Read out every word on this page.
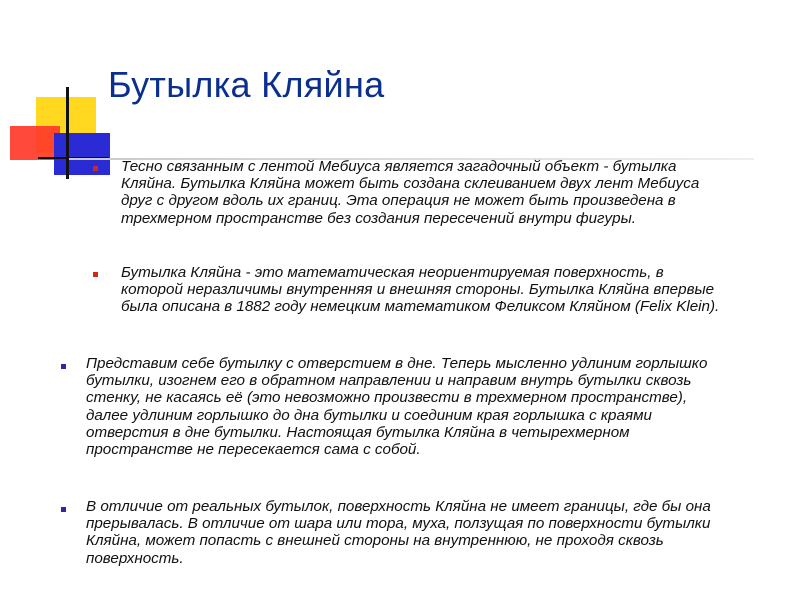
Бутылка Кляйна

Тесно связанным с лентой Мебиуса является загадочный объект - бутылка Кляйна. Бутылка Кляйна может быть создана склеиванием двух лент Мебиуса друг с другом вдоль их границ. Эта операция не может быть произведена в трехмерном пространстве без создания пересечений внутри фигуры.

Бутылка Кляйна - это математическая неориентируемая поверхность, в которой неразличимы внутренняя и внешняя стороны. Бутылка Кляйна впервые была описана в 1882 году немецким математиком Феликсом Кляйном (Felix Klein).

Представим себе бутылку с отверстием в дне. Теперь мысленно удлиним горлышко бутылки, изогнем его в обратном направлении и направим внутрь бутылки сквозь стенку, не касаясь её (это невозможно произвести в трехмерном пространстве), далее удлиним горлышко до дна бутылки и соединим края горлышка с краями отверстия в дне бутылки. Настоящая бутылка Кляйна в четырехмерном пространстве не пересекается сама с собой.

В отличие от реальных бутылок, поверхность Кляйна не имеет границы, где бы она прерывалась. В отличие от шара или тора, муха, ползущая по поверхности бутылки Кляйна, может попасть с внешней стороны на внутреннюю, не проходя сквозь поверхность.
